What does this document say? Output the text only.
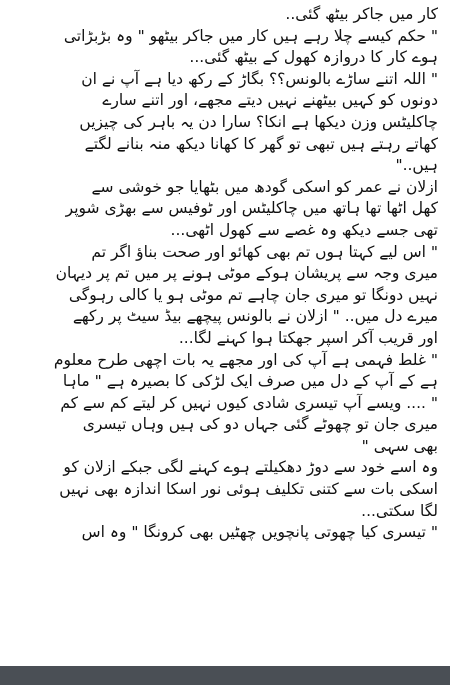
کار میں جاکر بیٹھ گئی..
" حکم کیسے چلا رہے ہیں کار میں جاکر بیٹھو " وہ بڑبڑاتی
ہوے کار کا دروازہ کھول کے بیٹھ گئی...
" اللہ اتنے ساڑے بالونس؟؟ بگاڑ کے رکھ دیا ہے آپ نے ان
دونوں کو کہیں بیٹھنے نہیں دیتے مجھے، اور اتنے سارے
چاکلیٹس وزن دیکھا ہے انکا؟ سارا دن یہ باہر کی چیزیں
کھاتے رہتے ہیں تبھی تو گھر کا کھانا دیکھ منہ بنانے لگتے
ہیں.."
ازلان نے عمر کو اسکی گودھ میں بٹھایا جو خوشی سے
کھل اٹھا تھا ہاتھ میں چاکلیٹس اور ٹوفیس سے بھڑی شوپر
تھی جسے دیکھ وہ غصے سے کھول اٹھی...
" اس لیے کہتا ہوں تم بھی کھائو اور صحت بناؤ اگر تم
میری وجہ سے پریشان ہوکے موٹی ہونے پر میں تم پر دیہان
نہیں دونگا تو میری جان چاہے تم موٹی ہو یا کالی رہوگی
میرے دل میں.. " ازلان نے بالونس پیچھے بیڈ سیٹ پر رکھے
اور قریب آکر اسپر جھکتا ہوا کہنے لگا...
" غلط فہمی ہے آپ کی اور مجھے یہ بات اچھی طرح معلوم
ہے کے آپ کے دل میں صرف ایک لڑکی کا بصیرہ ہے " ماہا
" .... ویسے آپ تیسری شادی کیوں نہیں کر لیتے کم سے کم
میری جان تو چھوٹے گئی جہاں دو کی ہیں وہاں تیسری
بھی سہی "
وہ اسے خود سے دوڑ دھکیلتے ہوے کہنے لگی جبکے ازلان کو
اسکی بات سے کتنی تکلیف ہوئی نور اسکا اندازہ بھی نہیں
لگا سکتی...
" تیسری کیا چھوتی پانچویں چھٹیں بھی کرونگا " وہ اس
